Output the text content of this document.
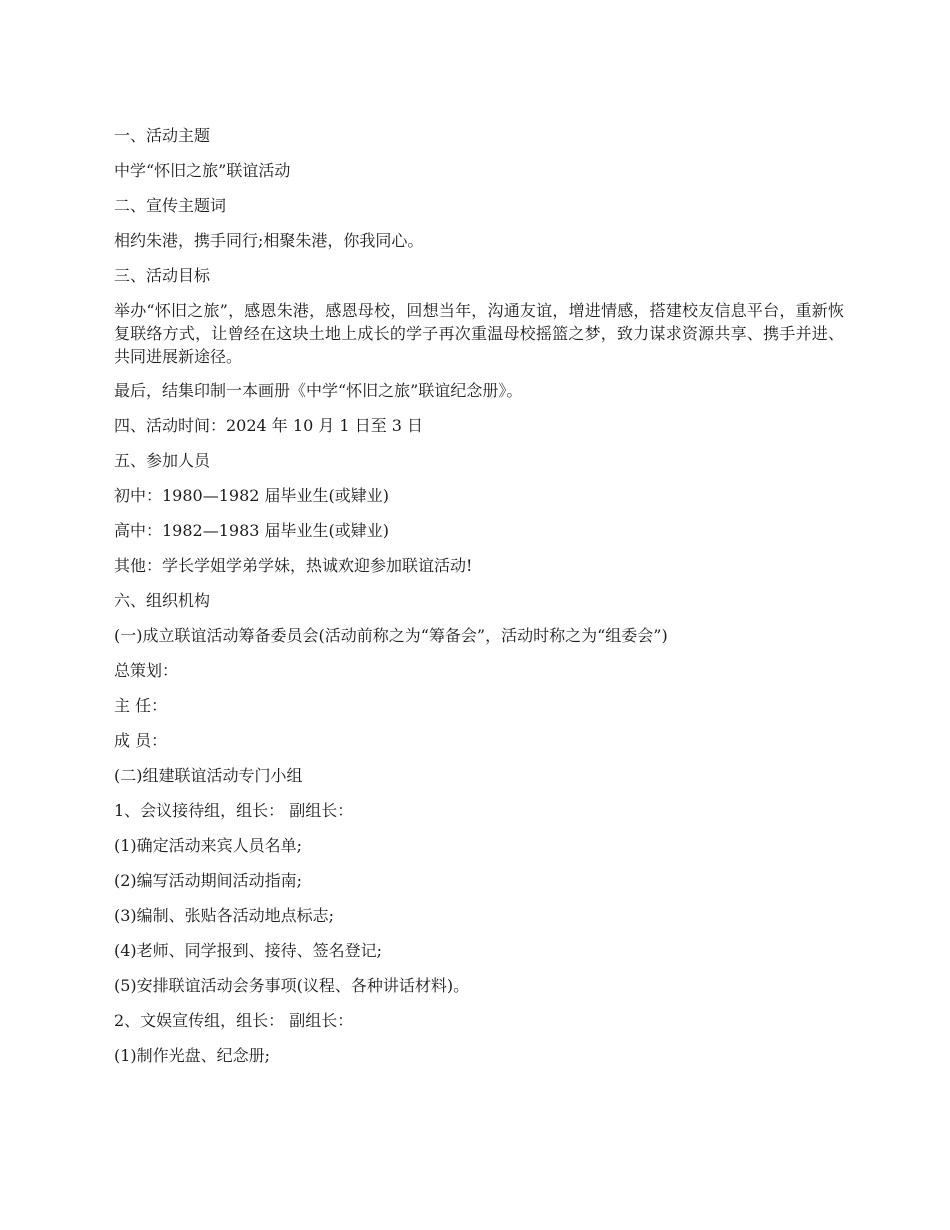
一、活动主题

中学“怀旧之旅”联谊活动

二、宣传主题词

相约朱港，携手同行;相聚朱港，你我同心。

三、活动目标

举办“怀旧之旅”，感恩朱港，感恩母校，回想当年，沟通友谊，增进情感，搭建校友信息平台，重新恢复联络方式，让曾经在这块土地上成长的学子再次重温母校摇篮之梦，致力谋求资源共享、携手并进、共同进展新途径。

最后，结集印制一本画册《中学“怀旧之旅”联谊纪念册》。

四、活动时间：2024 年 10 月 1 日至 3 日

五、参加人员

初中：1980—1982 届毕业生(或肄业)

高中：1982—1983 届毕业生(或肄业)

其他：学长学姐学弟学妹，热诚欢迎参加联谊活动!

六、组织机构

(一)成立联谊活动筹备委员会(活动前称之为“筹备会”，活动时称之为“组委会”)

总策划：

主 任：

成 员：

(二)组建联谊活动专门小组

1、会议接待组，组长： 副组长：

(1)确定活动来宾人员名单;

(2)编写活动期间活动指南;

(3)编制、张贴各活动地点标志;

(4)老师、同学报到、接待、签名登记;

(5)安排联谊活动会务事项(议程、各种讲话材料)。

2、文娱宣传组，组长： 副组长：

(1)制作光盘、纪念册;
